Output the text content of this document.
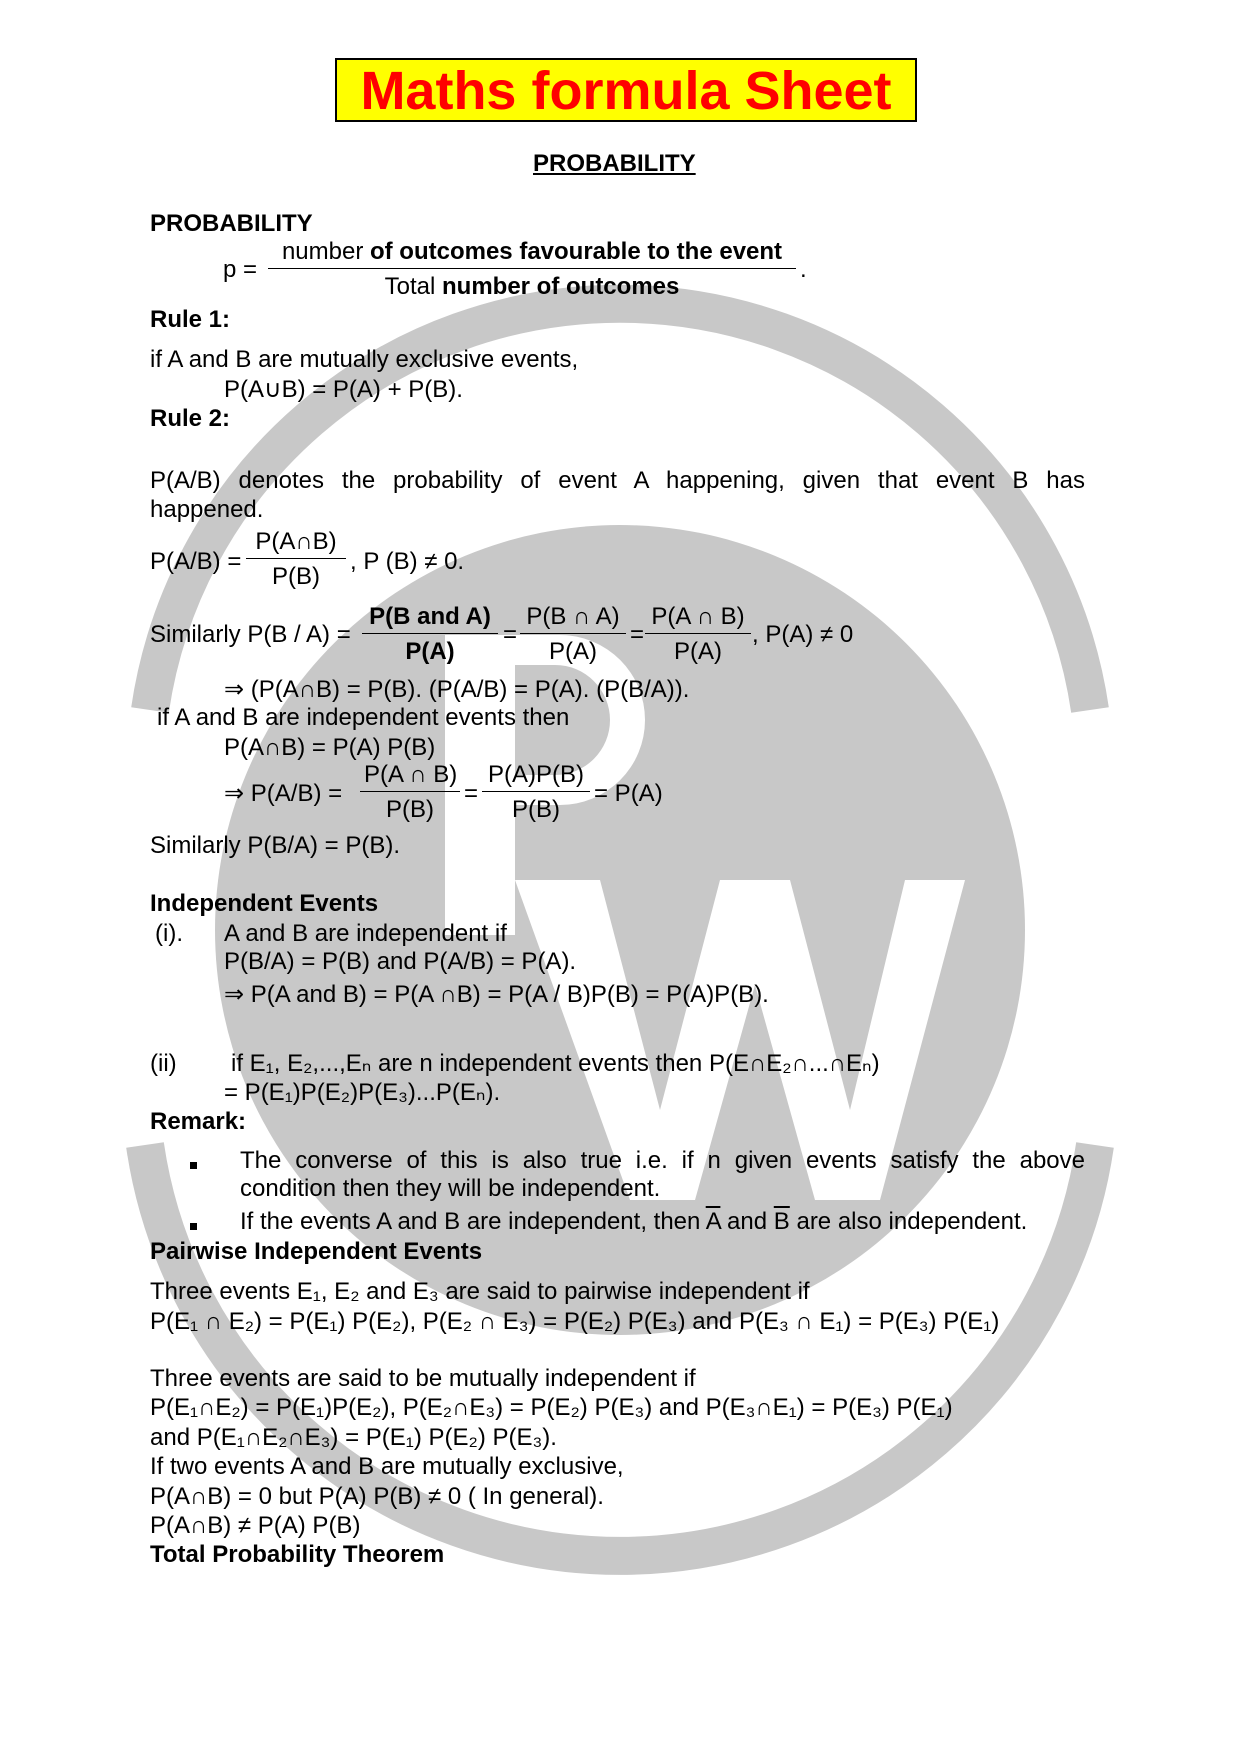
Maths formula Sheet
PROBABILITY
PROBABILITY
p =
number of outcomes favourable to the event
Total number of outcomes
.
Rule 1:
if A and B are mutually exclusive events,
P(A∪B) = P(A) + P(B).
Rule 2:
P(A/B) denotes the probability of event A happening, given that event B has
happened.
$P(A/B) = \frac{P(A\cap B)}{P(B)}$ , P (B) ≠ 0.
Similarly P(B / A) =
P(B and A)
P(A)
= $\frac{P(B \cap A)}{P(A)} = \frac{P(A \cap B)}{P(A)}$ , P(A) ≠ 0
⇒ (P(A∩B) = P(B). (P(A/B) = P(A). (P(B/A)).
if A and B are independent events then
P(A∩B) = P(A) P(B)
⇒ $P(A/B) = \frac{P(A \cap B)}{P(B)} = \frac{P(A)P(B)}{P(B)} = P(A)$
Similarly P(B/A) = P(B).
Independent Events
(i). A and B are independent if
P(B/A) = P(B) and P(A/B) = P(A).
⇒ P(A and B) = P(A ∩B) = P(A / B)P(B) = P(A)P(B).
(ii) if E₁, E₂,...,Eₙ are n independent events then P(E∩E₂∩...∩Eₙ)
= P(E₁)P(E₂)P(E₃)...P(Eₙ).
Remark:
The converse of this is also true i.e. if n given events satisfy the above condition then they will be independent.
If the events A and B are independent, then $\overline{A}$ and $\overline{B}$ are also independent.
Pairwise Independent Events
Three events E₁, E₂ and E₃ are said to pairwise independent if
P(E₁ ∩ E₂) = P(E₁) P(E₂), P(E₂ ∩ E₃) = P(E₂) P(E₃) and P(E₃ ∩ E₁) = P(E₃) P(E₁)
Three events are said to be mutually independent if
P(E₁∩E₂) = P(E₁)P(E₂), P(E₂∩E₃) = P(E₂) P(E₃) and P(E₃∩E₁) = P(E₃) P(E₁)
and P(E₁∩E₂∩E₃) = P(E₁) P(E₂) P(E₃).
If two events A and B are mutually exclusive,
P(A∩B) = 0 but P(A) P(B) ≠ 0 ( In general).
P(A∩B) ≠ P(A) P(B)
Total Probability Theorem
